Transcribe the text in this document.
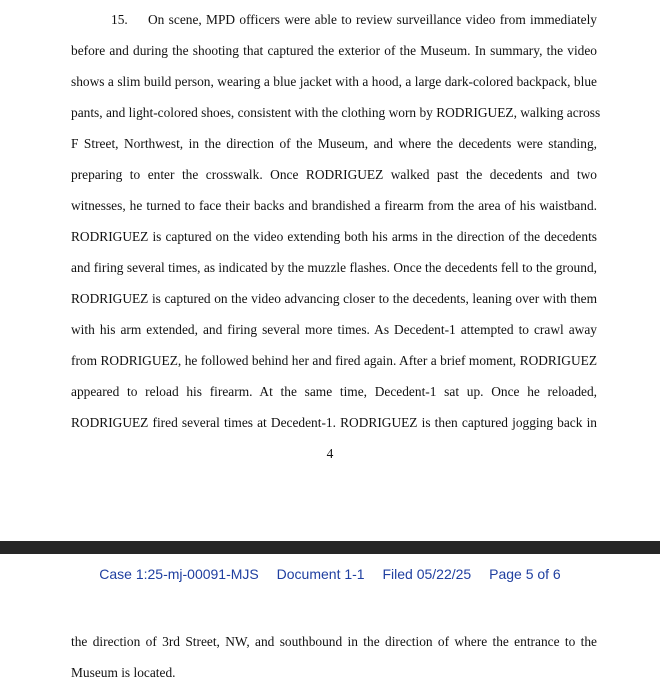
15. On scene, MPD officers were able to review surveillance video from immediately
before and during the shooting that captured the exterior of the Museum. In summary, the video
shows a slim build person, wearing a blue jacket with a hood, a large dark-colored backpack, blue
pants, and light-colored shoes, consistent with the clothing worn by RODRIGUEZ, walking across
F Street, Northwest, in the direction of the Museum, and where the decedents were standing,
preparing to enter the crosswalk. Once RODRIGUEZ walked past the decedents and two
witnesses, he turned to face their backs and brandished a firearm from the area of his waistband.
RODRIGUEZ is captured on the video extending both his arms in the direction of the decedents
and firing several times, as indicated by the muzzle flashes. Once the decedents fell to the ground,
RODRIGUEZ is captured on the video advancing closer to the decedents, leaning over with them
with his arm extended, and firing several more times. As Decedent-1 attempted to crawl away
from RODRIGUEZ, he followed behind her and fired again. After a brief moment, RODRIGUEZ
appeared to reload his firearm. At the same time, Decedent-1 sat up. Once he reloaded,
RODRIGUEZ fired several times at Decedent-1. RODRIGUEZ is then captured jogging back in
4
Case 1:25-mj-00091-MJS Document 1-1 Filed 05/22/25 Page 5 of 6
the direction of 3rd Street, NW, and southbound in the direction of where the entrance to the
Museum is located.
